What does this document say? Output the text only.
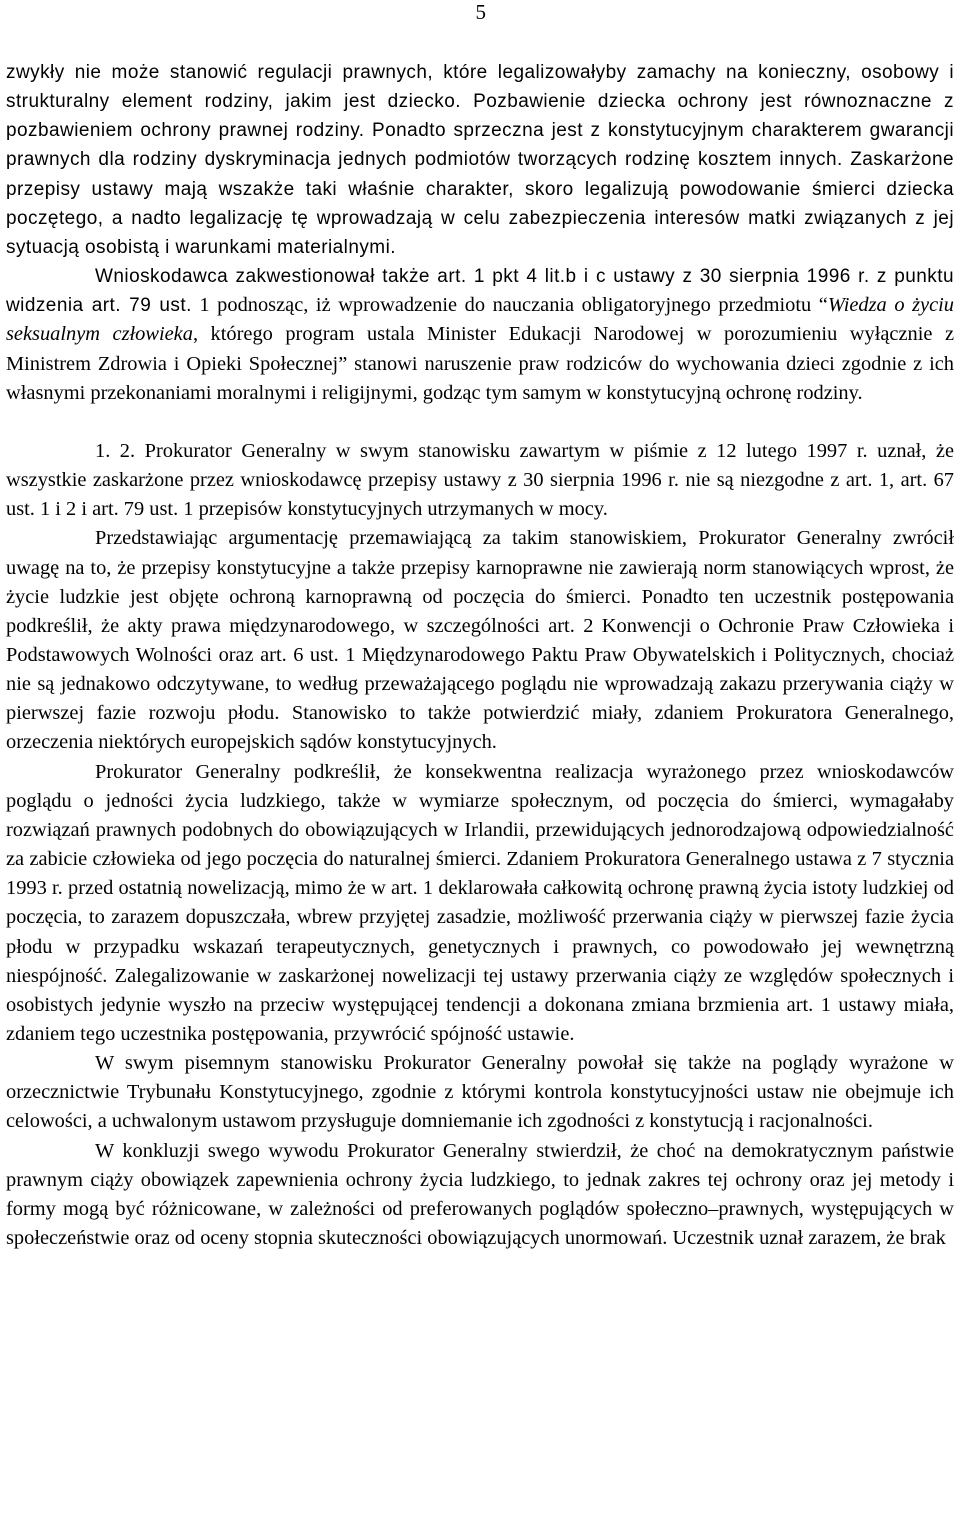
5

zwykły nie może stanowić regulacji prawnych, które legalizowałyby zamachy na konieczny, osobowy i strukturalny element rodziny, jakim jest dziecko. Pozbawienie dziecka ochrony jest równoznaczne z pozbawieniem ochrony prawnej rodziny. Ponadto sprzeczna jest z konstytucyjnym charakterem gwarancji prawnych dla rodziny dyskryminacja jednych podmiotów tworzących rodzinę kosztem innych. Zaskarżone przepisy ustawy mają wszakże taki właśnie charakter, skoro legalizują powodowanie śmierci dziecka poczętego, a nadto legalizację tę wprowadzają w celu zabezpieczenia interesów matki związanych z jej sytuacją osobistą i warunkami materialnymi.

Wnioskodawca zakwestionował także art. 1 pkt 4 lit.b i c ustawy z 30 sierpnia 1996 r. z punktu widzenia art. 79 ust. 1 podnosząc, iż wprowadzenie do nauczania obligatoryjnego przedmiotu “Wiedza o życiu seksualnym człowieka, którego program ustala Minister Edukacji Narodowej w porozumieniu wyłącznie z Ministrem Zdrowia i Opieki Społecznej” stanowi naruszenie praw rodziców do wychowania dzieci zgodnie z ich własnymi przekonaniami moralnymi i religijnymi, godząc tym samym w konstytucyjną ochronę rodziny.

1. 2. Prokurator Generalny w swym stanowisku zawartym w piśmie z 12 lutego 1997 r. uznał, że wszystkie zaskarżone przez wnioskodawcę przepisy ustawy z 30 sierpnia 1996 r. nie są niezgodne z art. 1, art. 67 ust. 1 i 2 i art. 79 ust. 1 przepisów konstytucyjnych utrzymanych w mocy.

Przedstawiając argumentację przemawiającą za takim stanowiskiem, Prokurator Generalny zwrócił uwagę na to, że przepisy konstytucyjne a także przepisy karnoprawne nie zawierają norm stanowiących wprost, że życie ludzkie jest objęte ochroną karnoprawną od poczęcia do śmierci. Ponadto ten uczestnik postępowania podkreślił, że akty prawa międzynarodowego, w szczególności art. 2 Konwencji o Ochronie Praw Człowieka i Podstawowych Wolności oraz art. 6 ust. 1 Międzynarodowego Paktu Praw Obywatelskich i Politycznych, chociaż nie są jednakowo odczytywane, to według przeważającego poglądu nie wprowadzają zakazu przerywania ciąży w pierwszej fazie rozwoju płodu. Stanowisko to także potwierdzić miały, zdaniem Prokuratora Generalnego, orzeczenia niektórych europejskich sądów konstytucyjnych.

Prokurator Generalny podkreślił, że konsekwentna realizacja wyrażonego przez wnioskodawców poglądu o jedności życia ludzkiego, także w wymiarze społecznym, od poczęcia do śmierci, wymagałaby rozwiązań prawnych podobnych do obowiązujących w Irlandii, przewidujących jednorodzajową odpowiedzialność za zabicie człowieka od jego poczęcia do naturalnej śmierci. Zdaniem Prokuratora Generalnego ustawa z 7 stycznia 1993 r. przed ostatnią nowelizacją, mimo że w art. 1 deklarowała całkowitą ochronę prawną życia istoty ludzkiej od poczęcia, to zarazem dopuszczała, wbrew przyjętej zasadzie, możliwość przerwania ciąży w pierwszej fazie życia płodu w przypadku wskazań terapeutycznych, genetycznych i prawnych, co powodowało jej wewnętrzną niespójność. Zalegalizowanie w zaskarżonej nowelizacji tej ustawy przerwania ciąży ze względów społecznych i osobistych jedynie wyszło na przeciw występującej tendencji a dokonana zmiana brzmienia art. 1 ustawy miała, zdaniem tego uczestnika postępowania, przywrócić spójność ustawie.

W swym pisemnym stanowisku Prokurator Generalny powołał się także na poglądy wyrażone w orzecznictwie Trybunału Konstytucyjnego, zgodnie z którymi kontrola konstytucyjności ustaw nie obejmuje ich celowości, a uchwalonym ustawom przysługuje domniemanie ich zgodności z konstytucją i racjonalności.

W konkluzji swego wywodu Prokurator Generalny stwierdził, że choć na demokratycznym państwie prawnym ciąży obowiązek zapewnienia ochrony życia ludzkiego, to jednak zakres tej ochrony oraz jej metody i formy mogą być różnicowane, w zależności od preferowanych poglądów społeczno–prawnych, występujących w społeczeństwie oraz od oceny stopnia skuteczności obowiązujących unormowań. Uczestnik uznał zarazem, że brak
